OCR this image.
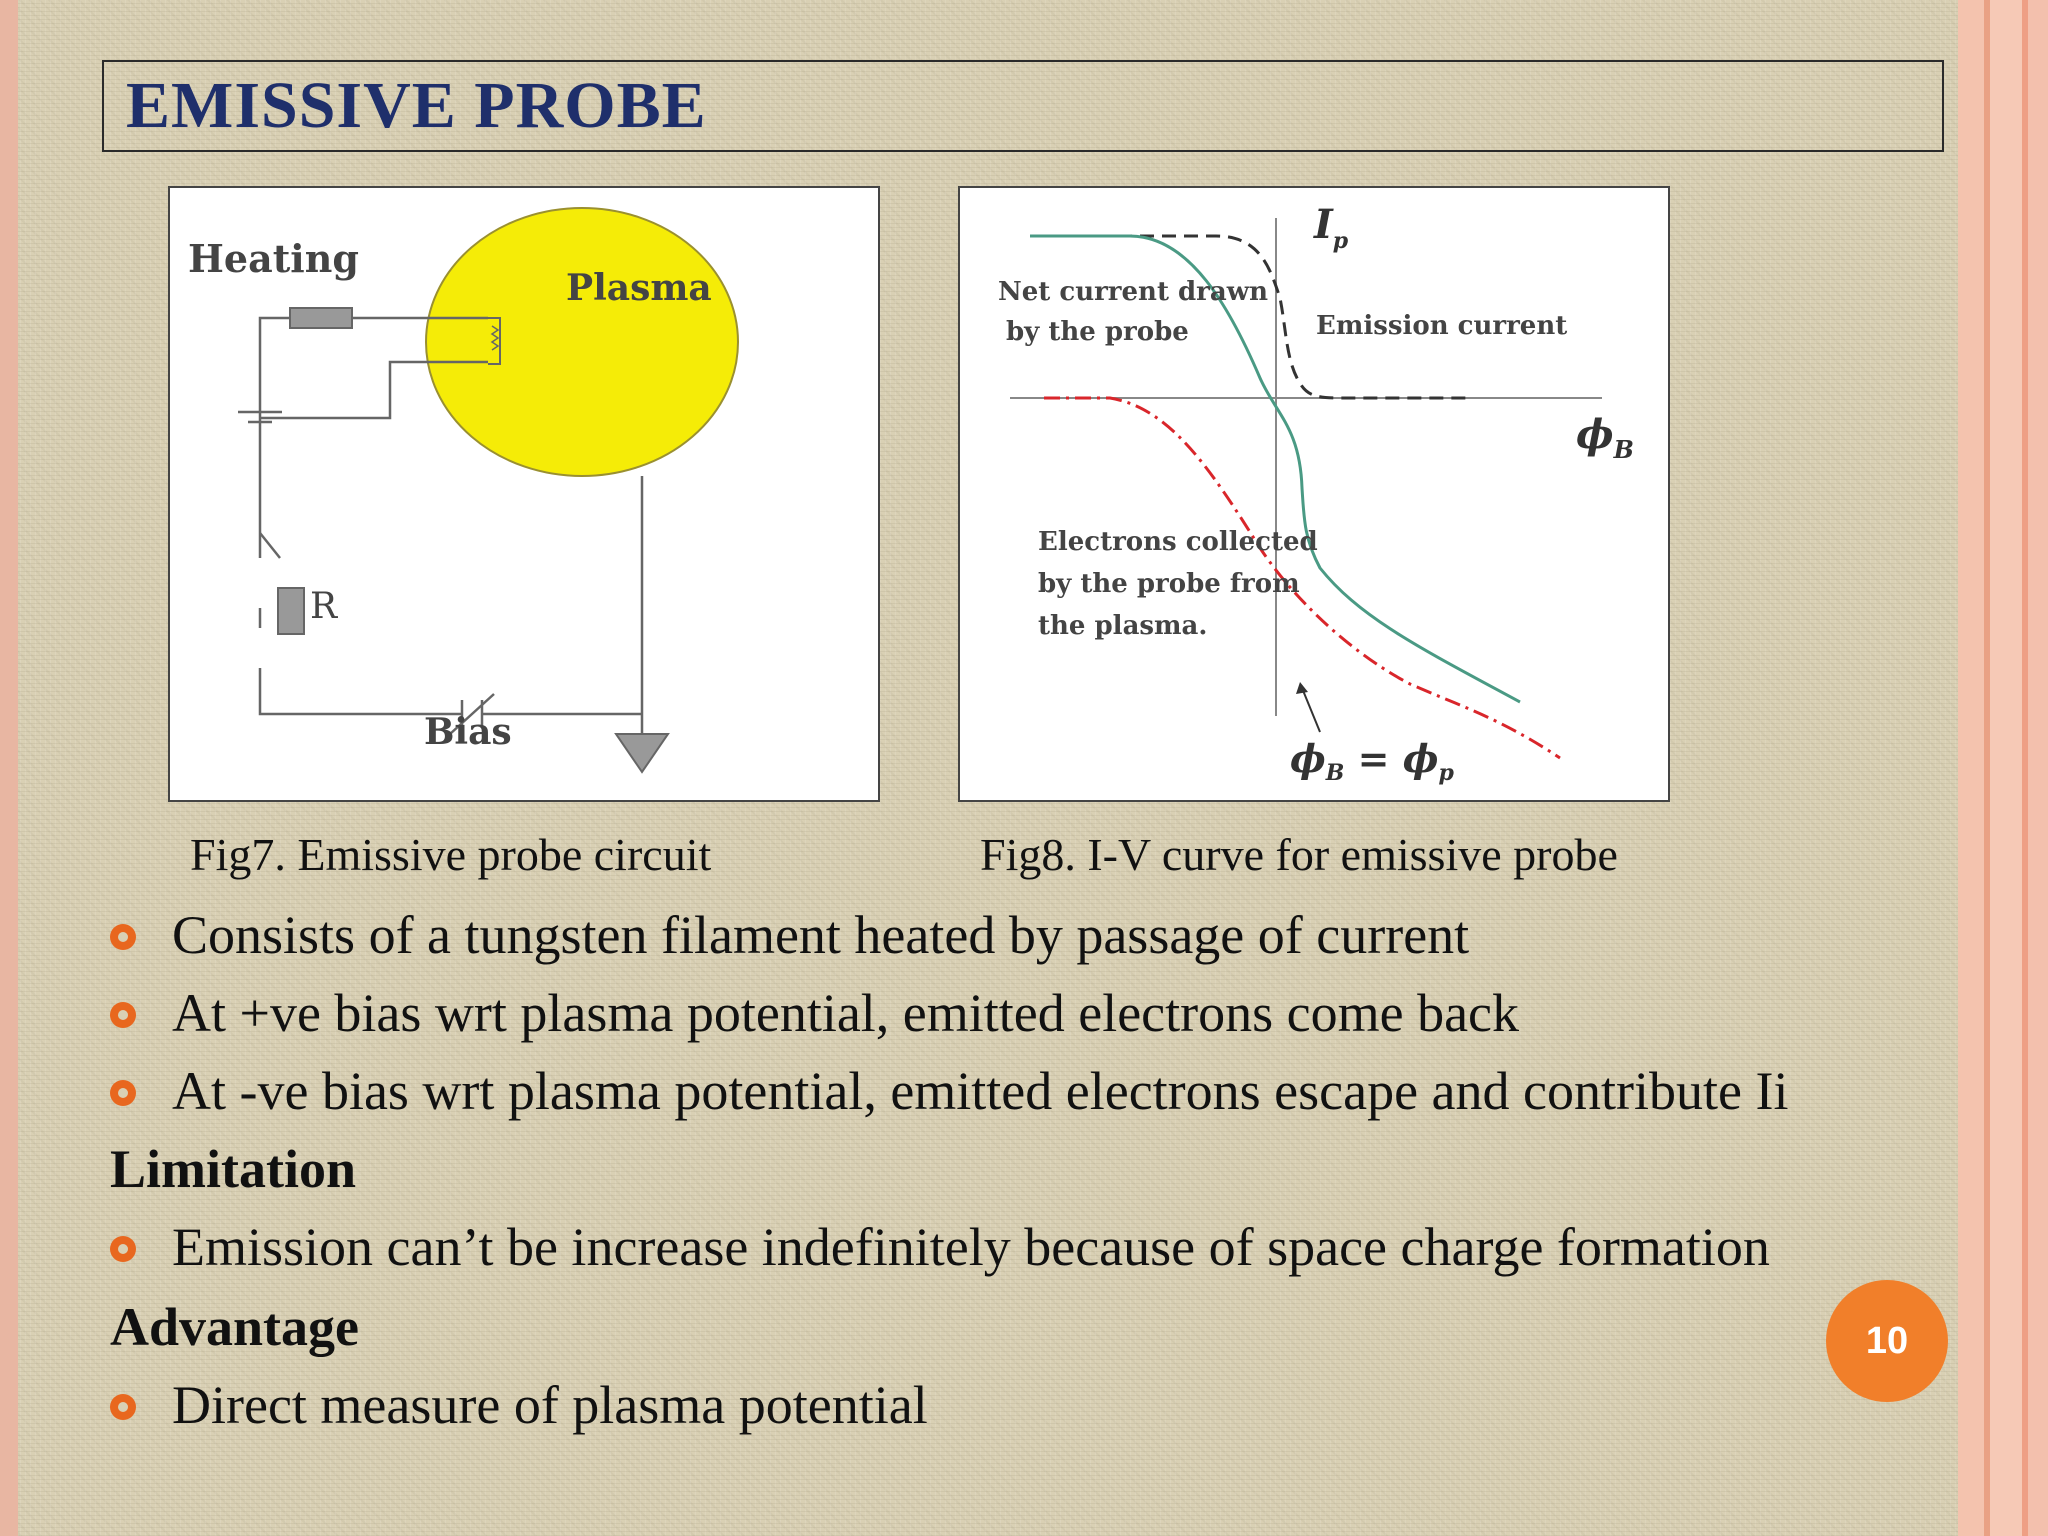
EMISSIVE PROBE
Heating
Plasma
R
Bias
$I_p$
Net current drawn
by the probe	Emission current
$\phi_B$
Electrons collected
by the probe from
the plasma.
$\phi_B = \phi_p$
Fig7. Emissive probe circuit	Fig8. I-V curve for emissive probe
Consists of a tungsten filament heated by passage of current
At +ve bias wrt plasma potential, emitted electrons come back
At -ve bias wrt plasma potential, emitted electrons escape and contribute Ii
Limitation
Emission can’t be increase indefinitely because of space charge formation
Advantage
Direct measure of plasma potential
10
